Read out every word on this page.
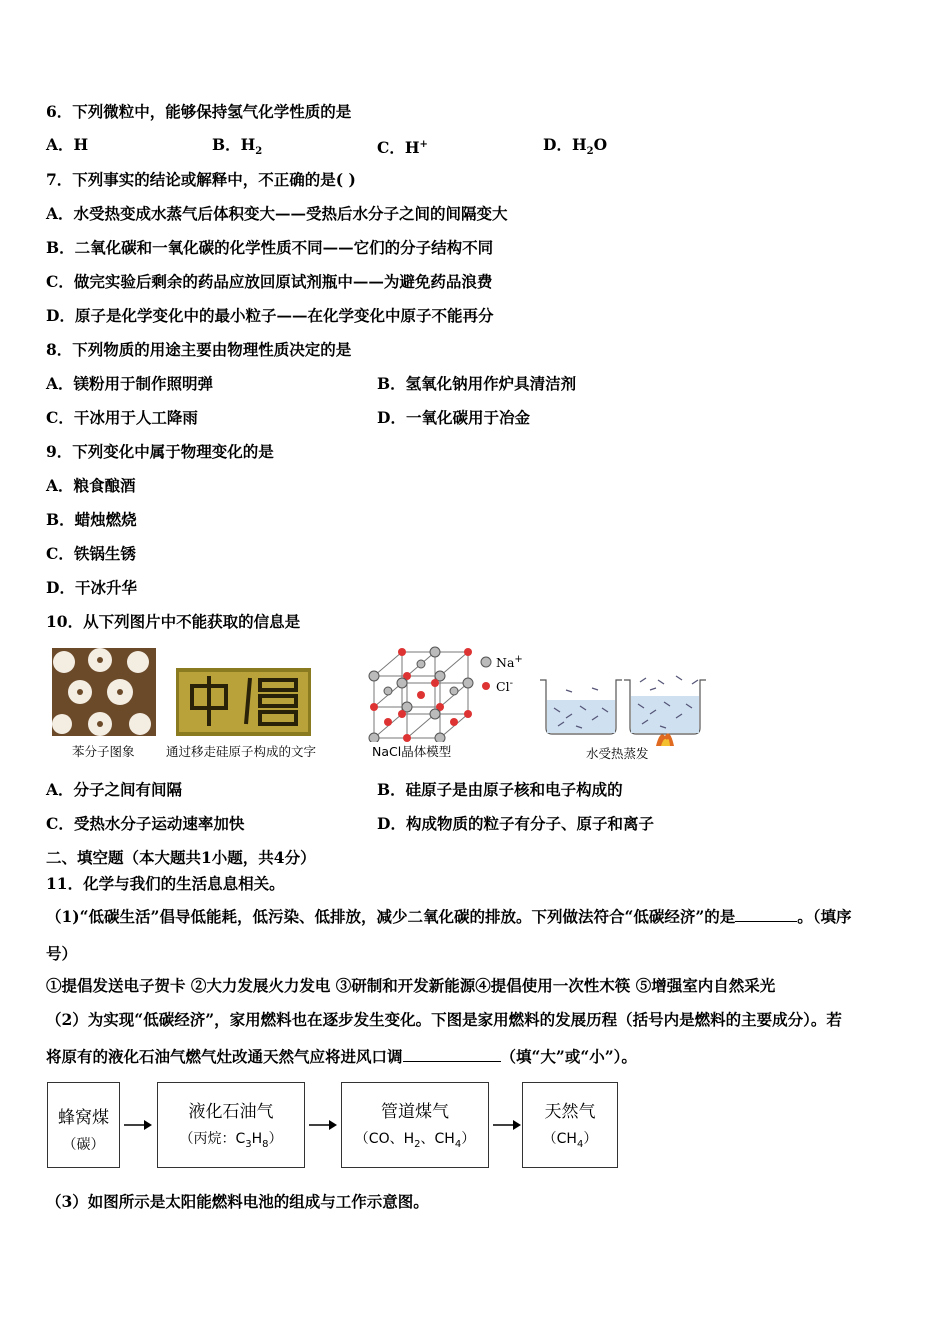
6．下列微粒中，能够保持氢气化学性质的是
A．H	B．$H_2$	C．H+	D．$H_2O$
7．下列事实的结论或解释中，不正确的是( )
A．水受热变成水蒸气后体积变大——受热后水分子之间的间隔变大
B．二氧化碳和一氧化碳的化学性质不同——它们的分子结构不同
C．做完实验后剩余的药品应放回原试剂瓶中——为避免药品浪费
D．原子是化学变化中的最小粒子——在化学变化中原子不能再分
8．下列物质的用途主要由物理性质决定的是
A．镁粉用于制作照明弹	B．氢氧化钠用作炉具清洁剂
C．干冰用于人工降雨	D．一氧化碳用于冶金
9．下列变化中属于物理变化的是
A．粮食酿酒
B．蜡烛燃烧
C．铁锅生锈
D．干冰升华
10．从下列图片中不能获取的信息是
苯分子图象	通过移走硅原子构成的文字
Na+
Cl-
NaCl晶体模型	水受热蒸发
A．分子之间有间隔	B．硅原子是由原子核和电子构成的
C．受热水分子运动速率加快	D．构成物质的粒子有分子、原子和离子
二、填空题（本大题共1小题，共4分）
11．化学与我们的生活息息相关。
（1)“低碳生活”倡导低能耗，低污染、低排放，减少二氧化碳的排放。下列做法符合“低碳经济”的是	。（填序
号）
①提倡发送电子贺卡 ②大力发展火力发电 ③研制和开发新能源④提倡使用一次性木筷 ⑤增强室内自然采光
（2）为实现“低碳经济”，家用燃料也在逐步发生变化。下图是家用燃料的发展历程（括号内是燃料的主要成分）。若
将原有的液化石油气燃气灶改通天然气应将进风口调	（填“大”或“小”）。
蜂窝煤
（碳）
液化石油气
（丙烷：$C_3H_8$）
管道煤气
（CO、$H_2$、$CH_4$）
天然气
$(CH_4)$
（3）如图所示是太阳能燃料电池的组成与工作示意图。
